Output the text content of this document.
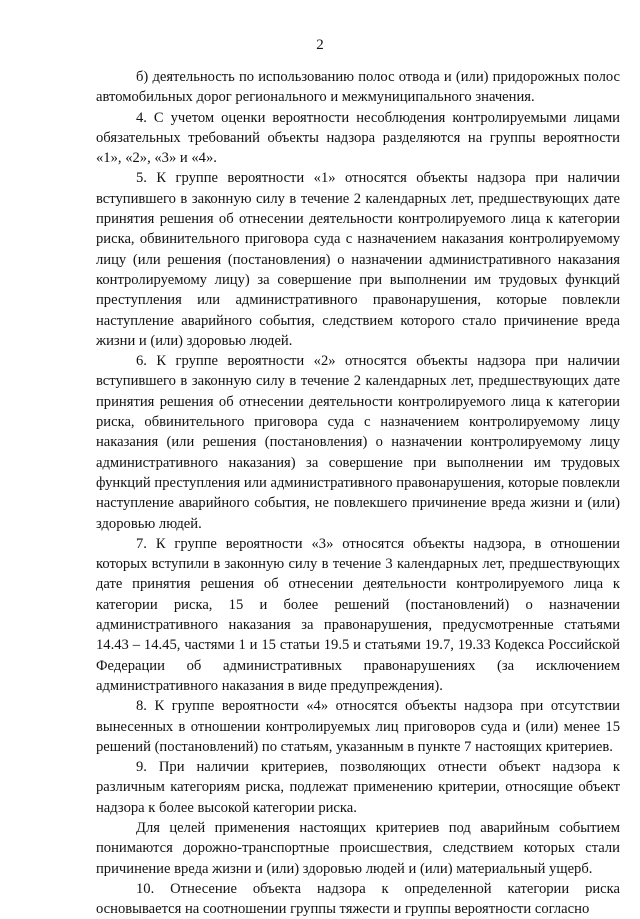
2

б) деятельность по использованию полос отвода и (или) придорожных полос автомобильных дорог регионального и межмуниципального значения.

4. С учетом оценки вероятности несоблюдения контролируемыми лицами обязательных требований объекты надзора разделяются на группы вероятности «1», «2», «3» и «4».

5. К группе вероятности «1» относятся объекты надзора при наличии вступившего в законную силу в течение 2 календарных лет, предшествующих дате принятия решения об отнесении деятельности контролируемого лица к категории риска, обвинительного приговора суда с назначением наказания контролируемому лицу (или решения (постановления) о назначении административного наказания контролируемому лицу) за совершение при выполнении им трудовых функций преступления или административного правонарушения, которые повлекли наступление аварийного события, следствием которого стало причинение вреда жизни и (или) здоровью людей.

6. К группе вероятности «2» относятся объекты надзора при наличии вступившего в законную силу в течение 2 календарных лет, предшествующих дате принятия решения об отнесении деятельности контролируемого лица к категории риска, обвинительного приговора суда с назначением контролируемому лицу наказания (или решения (постановления) о назначении контролируемому лицу административного наказания) за совершение при выполнении им трудовых функций преступления или административного правонарушения, которые повлекли наступление аварийного события, не повлекшего причинение вреда жизни и (или) здоровью людей.

7. К группе вероятности «3» относятся объекты надзора, в отношении которых вступили в законную силу в течение 3 календарных лет, предшествующих дате принятия решения об отнесении деятельности контролируемого лица к категории риска, 15 и более решений (постановлений) о назначении административного наказания за правонарушения, предусмотренные статьями 14.43 – 14.45, частями 1 и 15 статьи 19.5 и статьями 19.7, 19.33 Кодекса Российской Федерации об административных правонарушениях (за исключением административного наказания в виде предупреждения).

8. К группе вероятности «4» относятся объекты надзора при отсутствии вынесенных в отношении контролируемых лиц приговоров суда и (или) менее 15 решений (постановлений) по статьям, указанным в пункте 7 настоящих критериев.

9. При наличии критериев, позволяющих отнести объект надзора к различным категориям риска, подлежат применению критерии, относящие объект надзора к более высокой категории риска.

Для целей применения настоящих критериев под аварийным событием понимаются дорожно-транспортные происшествия, следствием которых стали причинение вреда жизни и (или) здоровью людей и (или) материальный ущерб.

10. Отнесение объекта надзора к определенной категории риска основывается на соотношении группы тяжести и группы вероятности согласно
